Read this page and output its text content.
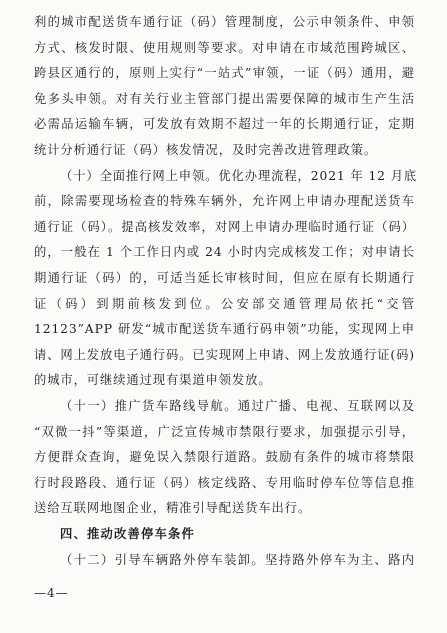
利的城市配送货车通行证（码）管理制度，公示申领条件、申领
方式、核发时限、使用规则等要求。对申请在市域范围跨城区、
跨县区通行的，原则上实行“一站式”审领，一证（码）通用，避
免多头申领。对有关行业主管部门提出需要保障的城市生产生活
必需品运输车辆，可发放有效期不超过一年的长期通行证，定期
统计分析通行证（码）核发情况，及时完善改进管理政策。
（十）全面推行网上申领。优化办理流程，2021 年 12 月底
前，除需要现场检查的特殊车辆外，允许网上申请办理配送货车
通行证（码）。提高核发效率，对网上申请办理临时通行证（码）
的，一般在 1 个工作日内或 24 小时内完成核发工作；对申请长
期通行证（码）的，可适当延长审核时间，但应在原有长期通行
证（码）到期前核发到位。公安部交通管理局依托“交管
12123”APP 研发“城市配送货车通行码申领”功能，实现网上申
请、网上发放电子通行码。已实现网上申请、网上发放通行证(码)
的城市，可继续通过现有渠道申领发放。
（十一）推广货车路线导航。通过广播、电视、互联网以及
“双微一抖”等渠道，广泛宣传城市禁限行要求，加强提示引导，
方便群众查询，避免误入禁限行道路。鼓励有条件的城市将禁限
行时段路段、通行证（码）核定线路、专用临时停车位等信息推
送给互联网地图企业，精准引导配送货车出行。
四、推动改善停车条件
（十二）引导车辆路外停车装卸。坚持路外停车为主、路内
—4—
